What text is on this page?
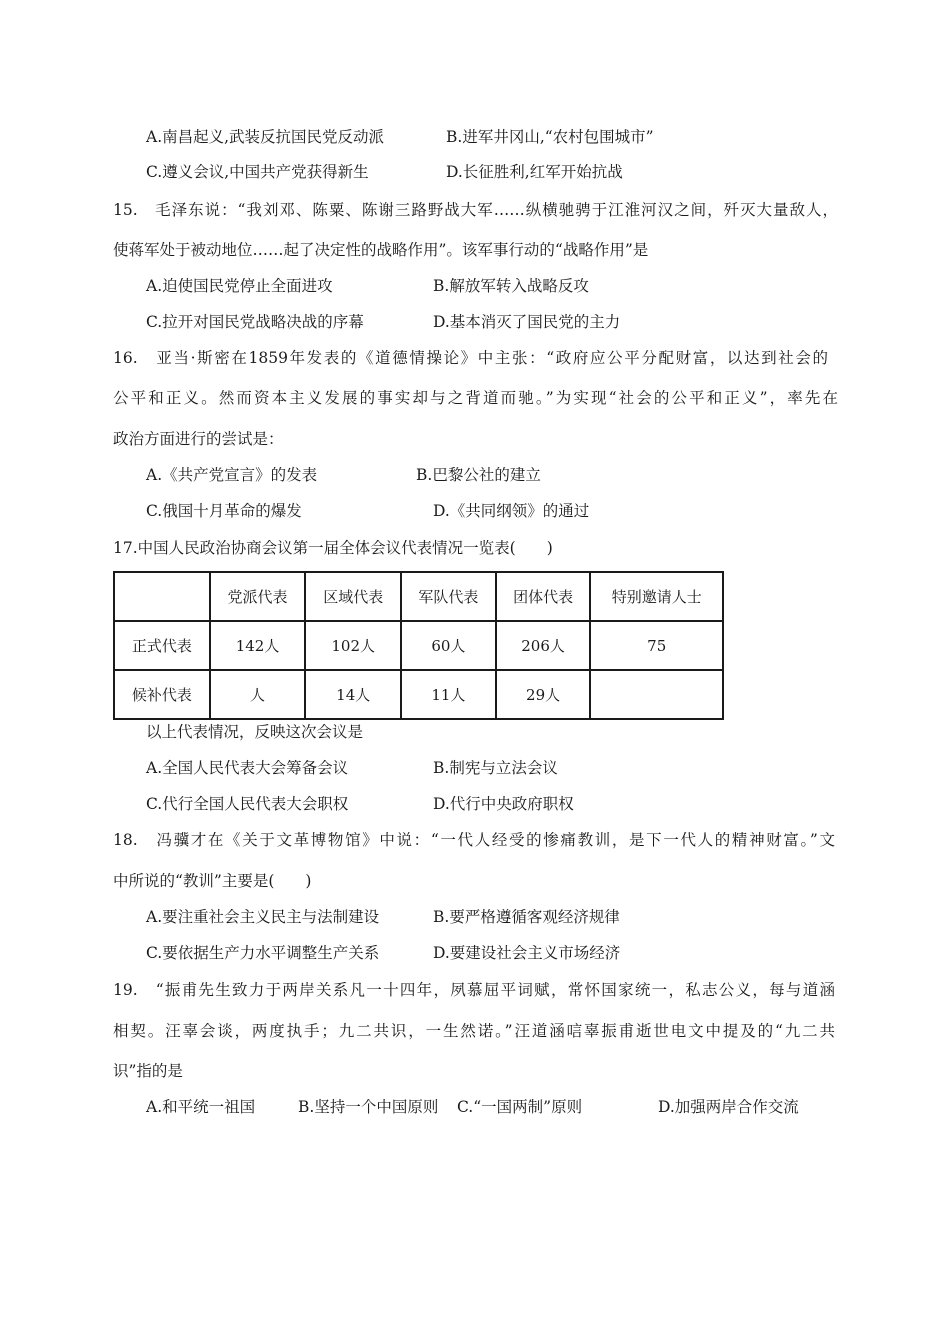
A.南昌起义,武装反抗国民党反动派	B.进军井冈山,“农村包围城市”
C.遵义会议,中国共产党获得新生	D.长征胜利,红军开始抗战
15.　毛泽东说：“我刘邓、陈粟、陈谢三路野战大军……纵横驰骋于江淮河汉之间，歼灭大量敌人，
使蒋军处于被动地位……起了决定性的战略作用”。该军事行动的“战略作用”是
A.迫使国民党停止全面进攻	B.解放军转入战略反攻
C.拉开对国民党战略决战的序幕	D.基本消灭了国民党的主力
16.　亚当·斯密在1859年发表的《道德情操论》中主张：“政府应公平分配财富，以达到社会的
公平和正义。然而资本主义发展的事实却与之背道而驰。”为实现“社会的公平和正义”，率先在
政治方面进行的尝试是：
A.《共产党宣言》的发表	B.巴黎公社的建立
C.俄国十月革命的爆发	D.《共同纲领》的通过
17.中国人民政治协商会议第一届全体会议代表情况一览表(　　)
	党派代表	区域代表	军队代表	团体代表	特别邀请人士
正式代表	142人	102人	60人	206人	75
候补代表	人	14人	11人	29人	
以上代表情况，反映这次会议是
A.全国人民代表大会筹备会议	B.制宪与立法会议
C.代行全国人民代表大会职权	D.代行中央政府职权
18.　冯骥才在《关于文革博物馆》中说：“一代人经受的惨痛教训，是下一代人的精神财富。”文
中所说的“教训”主要是(　　)
A.要注重社会主义民主与法制建设	B.要严格遵循客观经济规律
C.要依据生产力水平调整生产关系	D.要建设社会主义市场经济
19.　“振甫先生致力于两岸关系凡一十四年，夙慕屈平词赋，常怀国家统一，私志公义，每与道涵
相契。汪辜会谈，两度执手；九二共识，一生然诺。”汪道涵唁辜振甫逝世电文中提及的“九二共
识”指的是
A.和平统一祖国	B.坚持一个中国原则 C.“一国两制”原则	D.加强两岸合作交流
